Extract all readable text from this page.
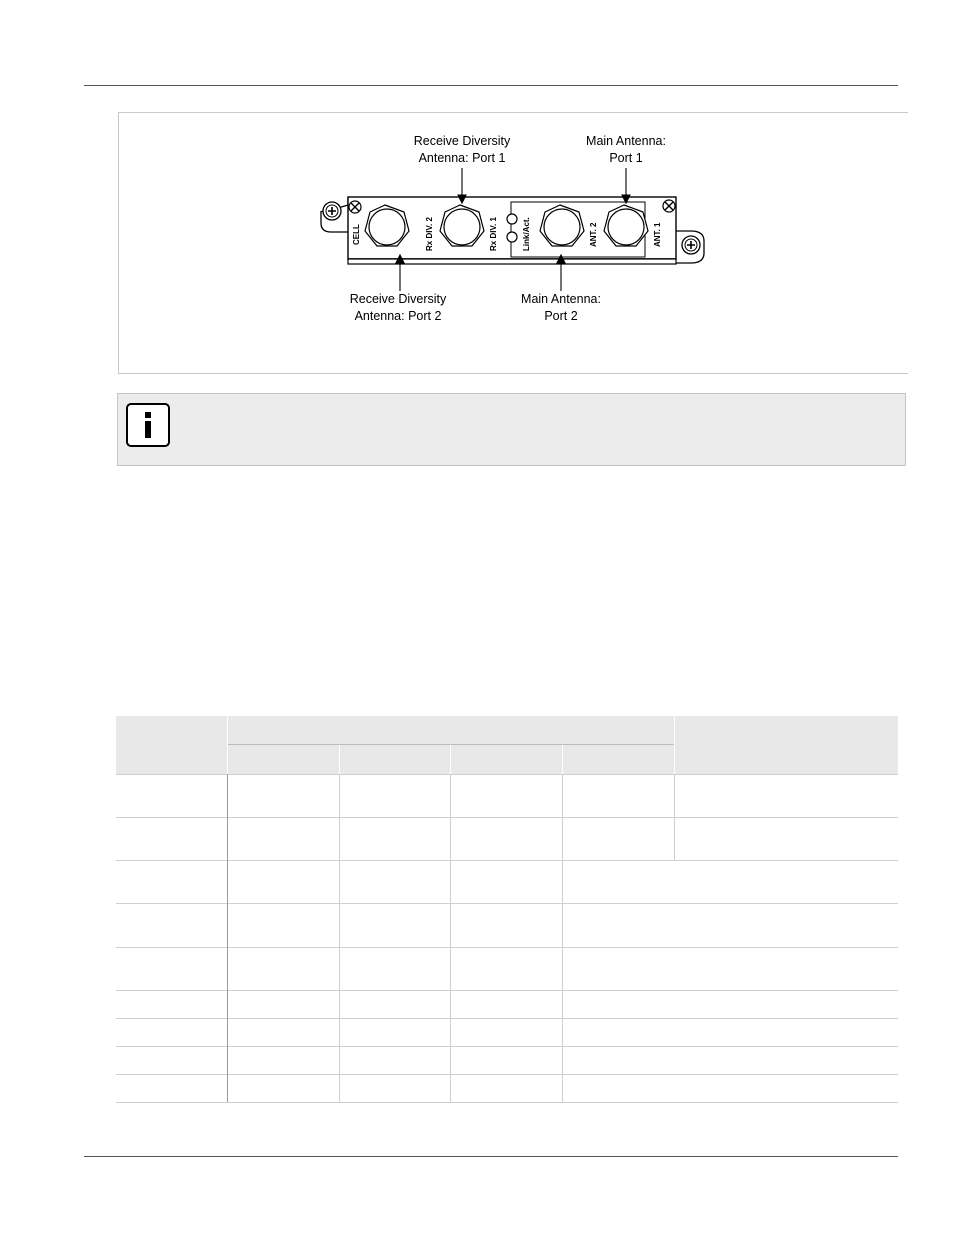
CELL	Rx DIV. 2	Rx DIV. 1	Link/Act.	ANT. 2	ANT. 1
Receive Diversity
Antenna: Port 1
Main Antenna:
Port 1
Receive Diversity
Antenna: Port 2
Main Antenna:
Port 2
